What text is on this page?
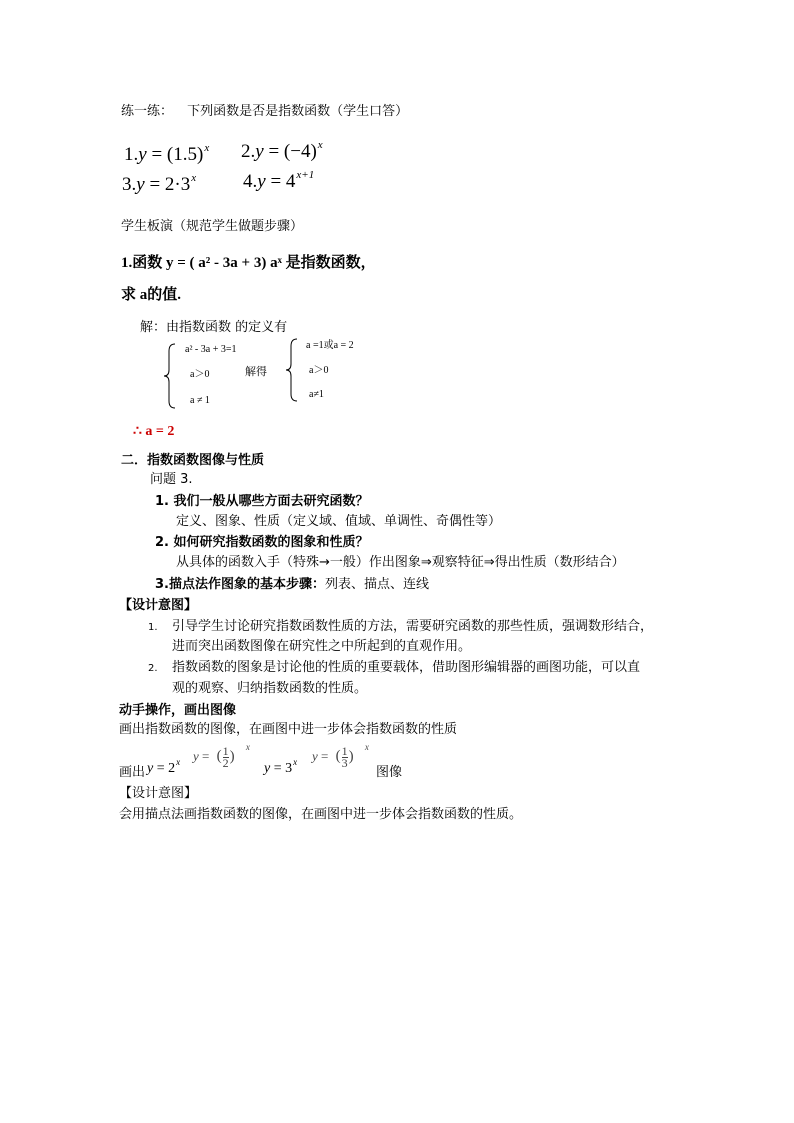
练一练： 下列函数是否是指数函数（学生口答）
$1.y = (1.5)^x$ $2.y = (-4)^x$
$3.y = 2\cdot 3^x$ $4.y = 4^{x+1}$
学生板演（规范学生做题步骤）
1.函数 y = ( a² - 3a + 3) aˣ 是指数函数，
求 a的值.
解：由指数函数 的定义有
a² - 3a + 3=1
a＞0
a ≠ 1
解得
a =1或a = 2
a＞0
a≠1
∴ a = 2
二．指数函数图像与性质
问题 3.
1. 我们一般从哪些方面去研究函数？
定义、图象、性质（定义域、值域、单调性、奇偶性等）
2. 如何研究指数函数的图象和性质？
从具体的函数入手（特殊→一般）作出图象⇒观察特征⇒得出性质（数形结合）
3.描点法作图象的基本步骤：列表、描点、连线
【设计意图】
1. 引导学生讨论研究指数函数性质的方法，需要研究函数的那些性质，强调数形结合，
进而突出函数图像在研究性之中所起到的直观作用。
2. 指数函数的图象是讨论他的性质的重要载体，借助图形编辑器的画图功能，可以直
观的观察、归纳指数函数的性质。
动手操作，画出图像
画出指数函数的图像，在画图中进一步体会指数函数的性质
画出 $y = 2^x$ y = ( $\frac{1}{2}$ ) $^x$
$y = 3^x$ y = ( $\frac{1}{3}$ ) $^x$
图像
【设计意图】
会用描点法画指数函数的图像，在画图中进一步体会指数函数的性质。
